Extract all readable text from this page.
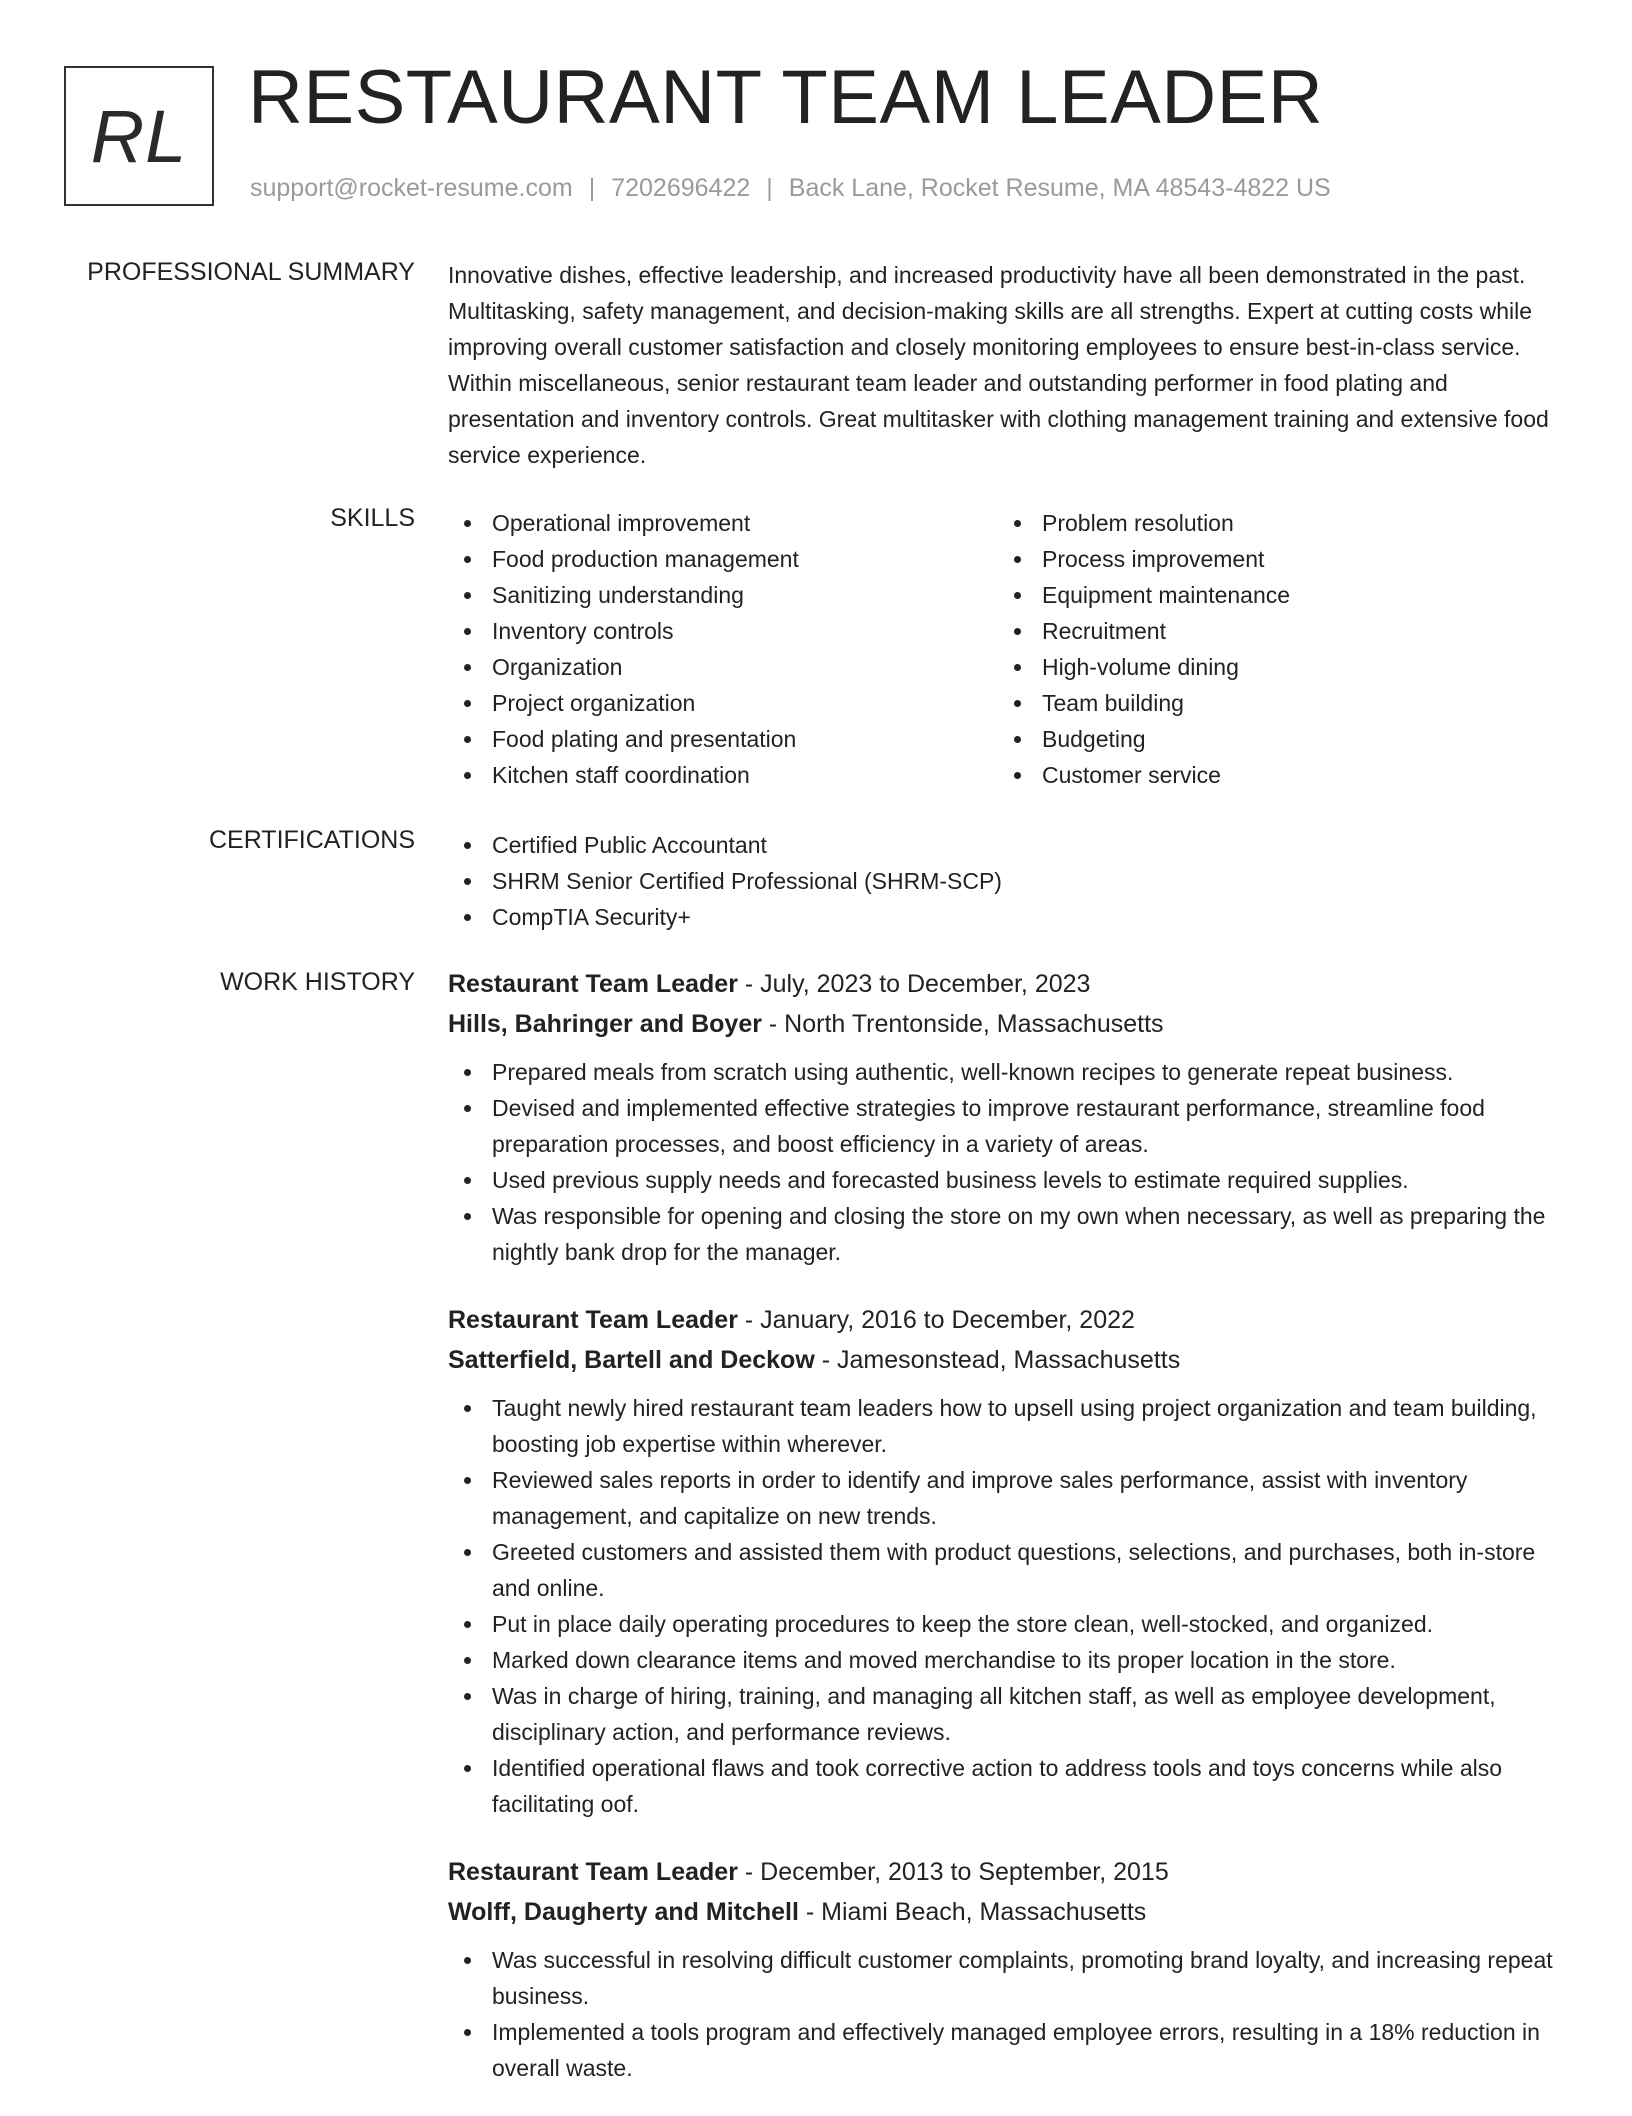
RL RESTAURANT TEAM LEADER
support@rocket-resume.com | 7202696422 | Back Lane, Rocket Resume, MA 48543-4822 US
PROFESSIONAL SUMMARY Innovative dishes, effective leadership, and increased productivity have all been demonstrated in the past. Multitasking, safety management, and decision-making skills are all strengths. Expert at cutting costs while improving overall customer satisfaction and closely monitoring employees to ensure best-in-class service. Within miscellaneous, senior restaurant team leader and outstanding performer in food plating and presentation and inventory controls. Great multitasker with clothing management training and extensive food service experience.

SKILLS	Operational improvement
Food production management
Sanitizing understanding
Inventory controls
Organization
Project organization
Food plating and presentation
Kitchen staff coordination
Problem resolution
Process improvement
Equipment maintenance
Recruitment
High-volume dining
Team building
Budgeting
Customer service
CERTIFICATIONS	Certified Public Accountant
SHRM Senior Certified Professional (SHRM-SCP)
CompTIA Security+
WORK HISTORY Restaurant Team Leader - July, 2023 to December, 2023
Hills, Bahringer and Boyer - North Trentonside, Massachusetts
Prepared meals from scratch using authentic, well-known recipes to generate repeat business.
Devised and implemented effective strategies to improve restaurant performance, streamline food preparation processes, and boost efficiency in a variety of areas.
Used previous supply needs and forecasted business levels to estimate required supplies.
Was responsible for opening and closing the store on my own when necessary, as well as preparing the nightly bank drop for the manager.
Restaurant Team Leader - January, 2016 to December, 2022
Satterfield, Bartell and Deckow - Jamesonstead, Massachusetts
Taught newly hired restaurant team leaders how to upsell using project organization and team building, boosting job expertise within wherever.
Reviewed sales reports in order to identify and improve sales performance, assist with inventory management, and capitalize on new trends.
Greeted customers and assisted them with product questions, selections, and purchases, both in-store and online.
Put in place daily operating procedures to keep the store clean, well-stocked, and organized.
Marked down clearance items and moved merchandise to its proper location in the store.
Was in charge of hiring, training, and managing all kitchen staff, as well as employee development, disciplinary action, and performance reviews.
Identified operational flaws and took corrective action to address tools and toys concerns while also facilitating oof.
Restaurant Team Leader - December, 2013 to September, 2015
Wolff, Daugherty and Mitchell - Miami Beach, Massachusetts
Was successful in resolving difficult customer complaints, promoting brand loyalty, and increasing repeat business.
Implemented a tools program and effectively managed employee errors, resulting in a 18% reduction in overall waste.
